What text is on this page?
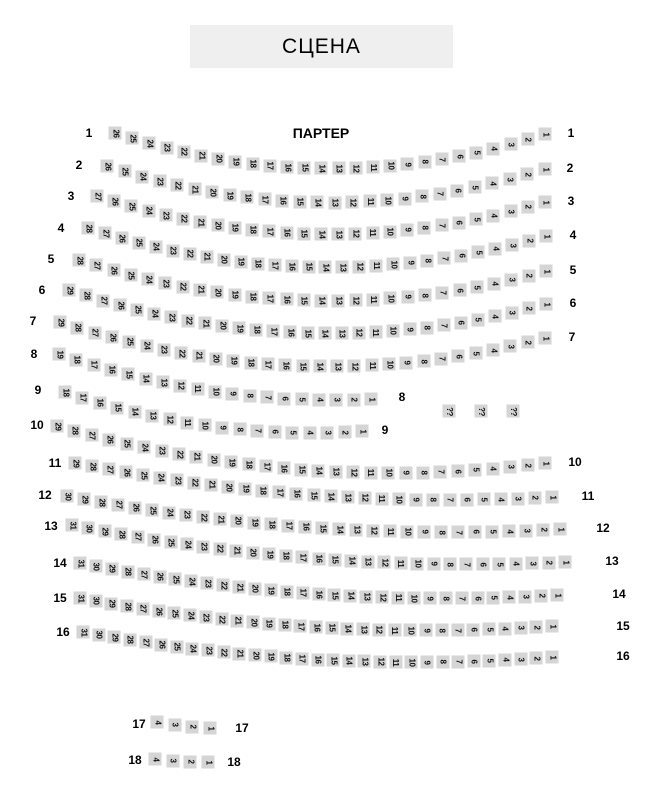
СЦЕНА
ПАРТЕР
26
25
24
23
22 21 20 19 18 17 16 15 14 13 12 11 10 9
8
7
6
5
4
3
2
1
1	1
26
25
24
23
22 21 20 19 18 17 16 15 14 13 12 11 10 9
8
7
6
5
4
3
2
1
2	2
27
26
25
24
23 22 21 20 19 18 17 16 15 14 13 12 11 10 9
8
7
6
5
4
3
2
1
3	3
28
27
26
25
24 23 22 21 20 19 18 17 16 15 14 13 12 11 10 9
8
7
6
5
4
3
2
1
4	4
28
27
26
25
24 23 22 21 20 19 18 17 16 15 14 13 12 11 10 9 8
7
6
5
4
3
2
1
5
5
29
28
27
26
25
24 23 22 21 20 19 18 17 16 15 14 13 12 11 10 9 8
7
6
5
4
3
2
1
6
6
29
28
27
26
25
24 23 22 21 20 19 18 17 16 15 14 13 12 11 10 9 8
7
6
5
4
3
2
1
7
7
19
18
17
16
15
14 13 12 11 10 9 8 7 6 5 4 3 2 1
8
8
18
17
16
15
14 13 12 11 10 9 8 7 6 5 4 3 2 1
9
9
??	??	??
29
28
27
26
25 24 23 22 21 20 19 18 17 16 15 14 13 12 11 10 9 8 7 6 5 4 3 2
1
10
10
29 28 27 26 25 24 23 22 21 20 19 18 17 16 15 14 13 12 11 10 9 8 7 6 5 4 3 2 1
11
11
30 29 28 27 26 25 24 23 22 21 20 19 18 17 16 15 14 13 12 11 10 9 8 7 6 5 4 3 2 1
12
12
31 30 29 28 27 26 25 24 23 22 21 20 19 18 17 16 15 14 13 12 11 10 9 8 7 6 5 4 3 2 1
13
13
31 30 29 28 27 26 25 24 23 22 21 20 19 18 17 16 15 14 13 12 11 10 9 8 7 6 5 4 3 2 1
14
14
31 30 29 28 27 26 25 24 23 22 21 20 19 18 17 16 15 14 13 12 11 10 9 8 7 6 5 4 3 2 1
15
15
31 30 29 28 27 26 25 24 23 22 21 20 19 18 17 16 15 14 13 12 11 10 9 8 7 6 5 4 3 2 1
16
16
4
3
2 1
17	17
4 3 2 1
18	18
